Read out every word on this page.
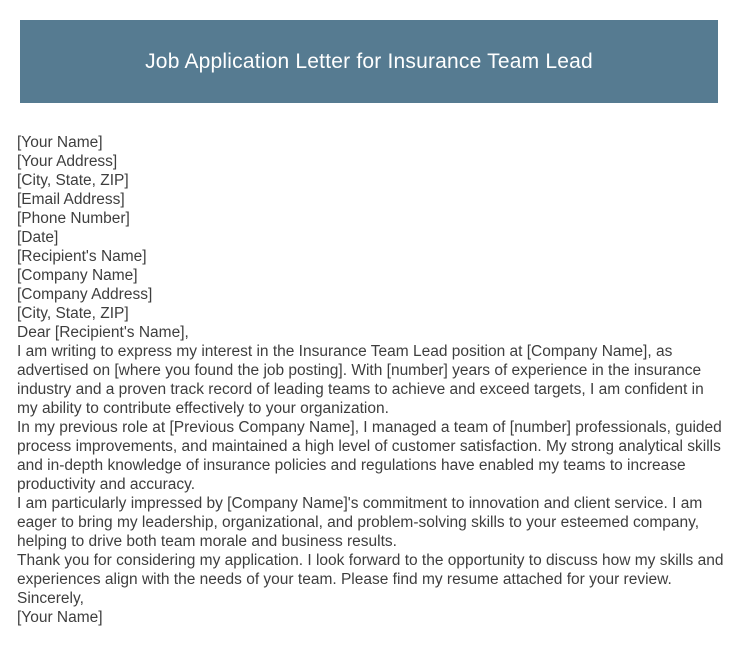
Job Application Letter for Insurance Team Lead
[Your Name]
[Your Address]
[City, State, ZIP]
[Email Address]
[Phone Number]
[Date]
[Recipient's Name]
[Company Name]
[Company Address]
[City, State, ZIP]
Dear [Recipient's Name],

I am writing to express my interest in the Insurance Team Lead position at [Company Name], as advertised on [where you found the job posting]. With [number] years of experience in the insurance industry and a proven track record of leading teams to achieve and exceed targets, I am confident in my ability to contribute effectively to your organization.

In my previous role at [Previous Company Name], I managed a team of [number] professionals, guided process improvements, and maintained a high level of customer satisfaction. My strong analytical skills and in-depth knowledge of insurance policies and regulations have enabled my teams to increase productivity and accuracy.

I am particularly impressed by [Company Name]'s commitment to innovation and client service. I am eager to bring my leadership, organizational, and problem-solving skills to your esteemed company, helping to drive both team morale and business results.

Thank you for considering my application. I look forward to the opportunity to discuss how my skills and experiences align with the needs of your team. Please find my resume attached for your review.

Sincerely,
[Your Name]
